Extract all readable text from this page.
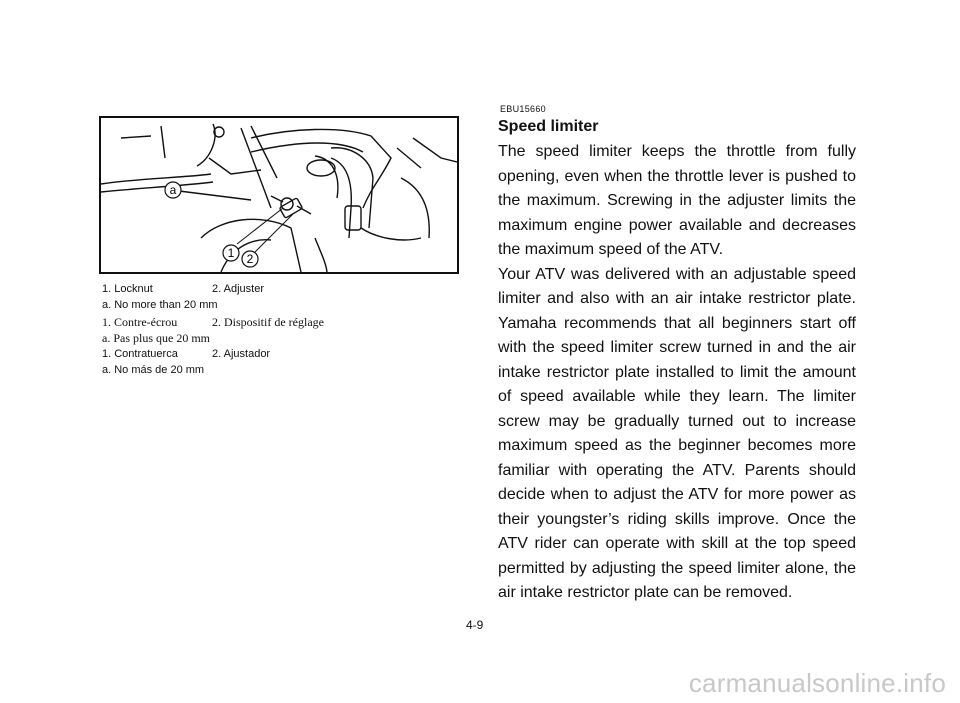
a
1 2
1. Locknut	2. Adjuster
a. No more than 20 mm
1. Contre-écrou	2. Dispositif de réglage
a. Pas plus que 20 mm
1. Contratuerca	2. Ajustador
a. No más de 20 mm
EBU15660
Speed limiter

The speed limiter keeps the throttle from fully opening, even when the throttle lever is pushed to the maximum. Screwing in the adjuster limits the maximum engine power available and decreases the maximum speed of the ATV.

Your ATV was delivered with an adjustable speed limiter and also with an air intake restrictor plate. Yamaha recommends that all beginners start off with the speed limiter screw turned in and the air intake restrictor plate installed to limit the amount of speed available while they learn. The limiter screw may be gradually turned out to increase maximum speed as the beginner becomes more familiar with operating the ATV. Parents should decide when to adjust the ATV for more power as their youngster’s riding skills improve. Once the ATV rider can operate with skill at the top speed permitted by adjusting the speed limiter alone, the air intake restrictor plate can be removed.

4-9
carmanualsonline.info
